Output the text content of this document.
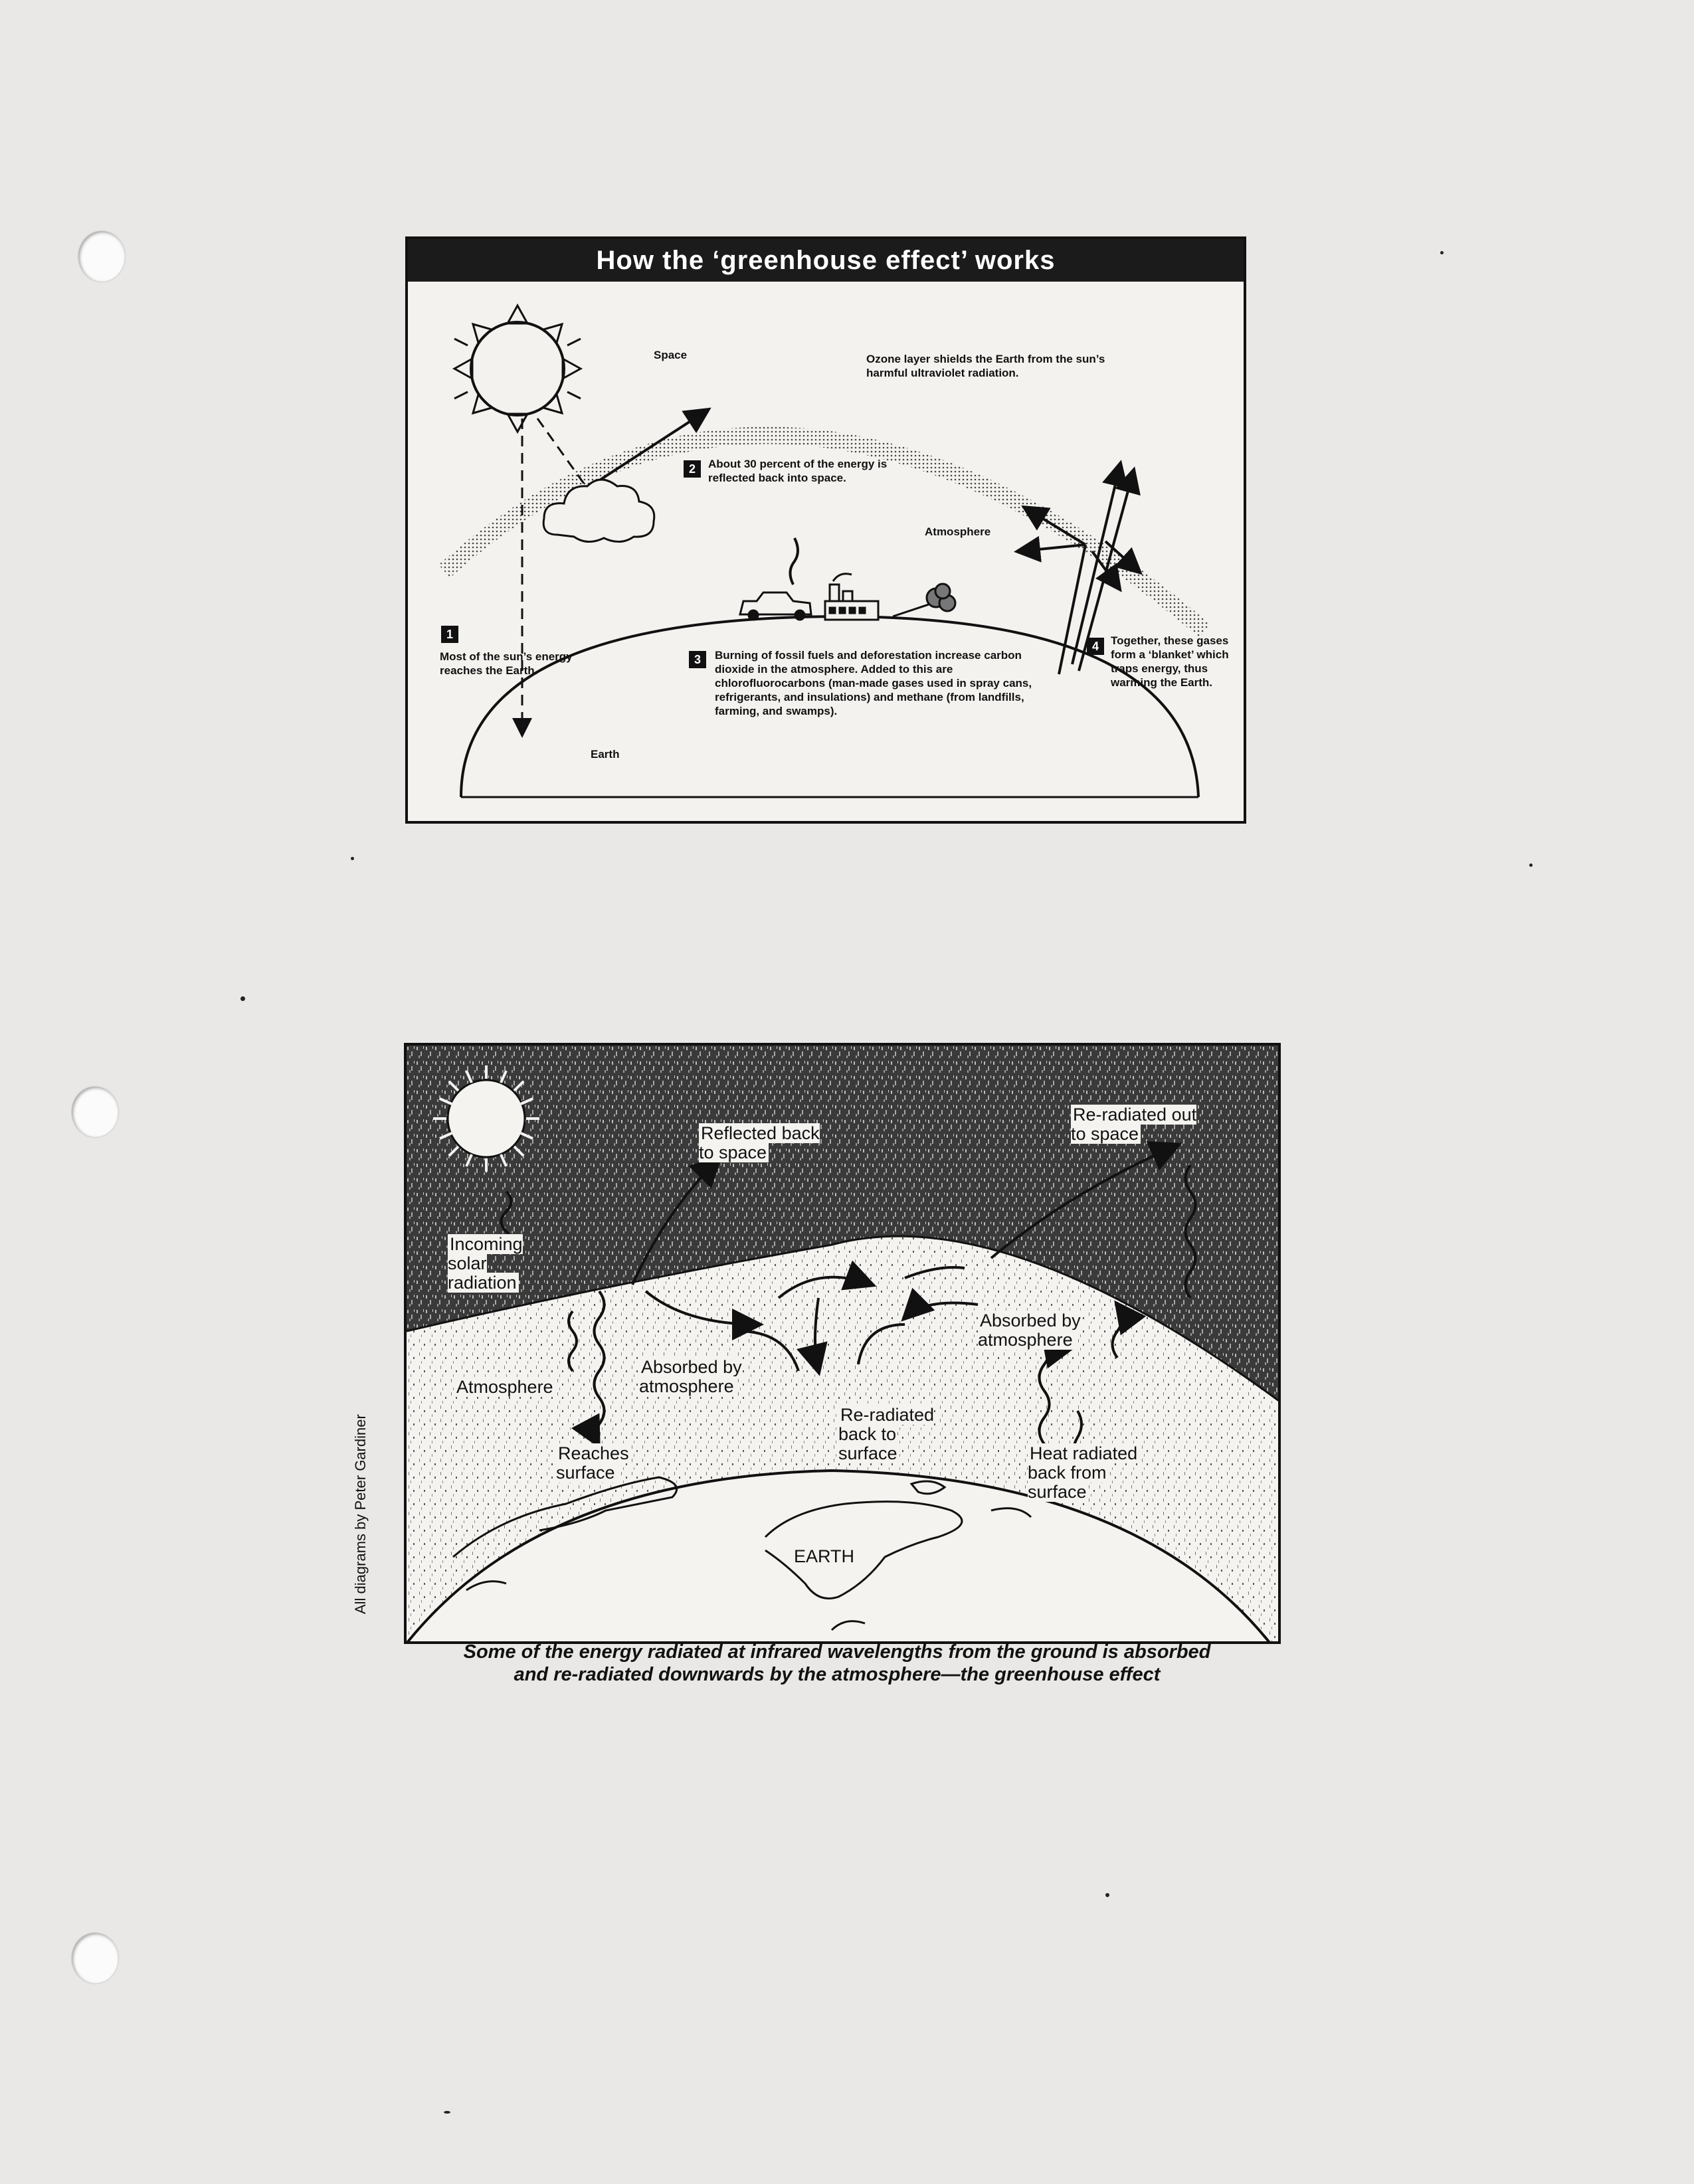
How the ‘greenhouse effect’ works
Space	Ozone layer shields the Earth from the sun’s harmful ultraviolet radiation.
Atmosphere
Earth
1
Most of the sun’s energy reaches the Earth.
2	About 30 percent of the energy is reflected back into space.
3	Burning of fossil fuels and deforestation increase carbon dioxide in the atmosphere. Added to this are chlorofluorocarbons (man-made gases used in spray cans, refrigerants, and insulations) and methane (from landfills, farming, and swamps).
4	Together, these gases form a ‘blanket’ which traps energy, thus warming the Earth.
Incoming solar radiation
Reflected back to space
Re-radiated out to space
Absorbed by atmosphere
Absorbed by atmosphere
Atmosphere
Re-radiated back to surface
Reaches surface
Heat radiated back from surface
EARTH
All diagrams by Peter Gardiner
Some of the energy radiated at infrared wavelengths from the ground is absorbed
and re-radiated downwards by the atmosphere—the greenhouse effect
